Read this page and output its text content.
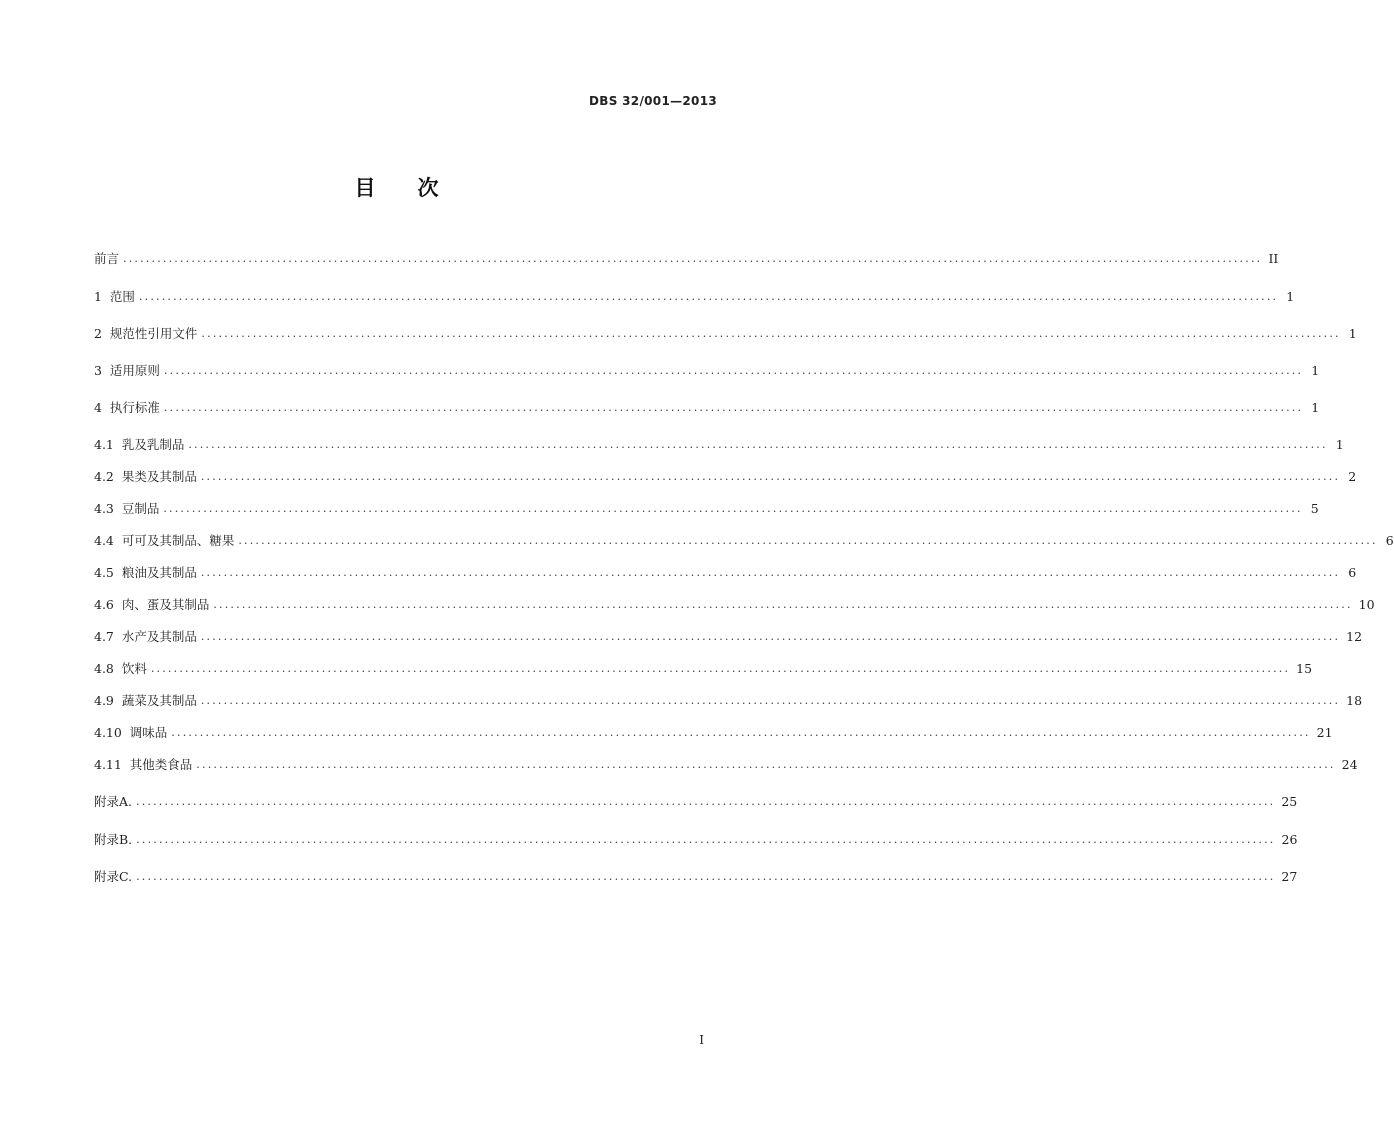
DBS 32/001—2013
目 次
前言 ........................................................................................................................................................................................................ II
1 范围 ........................................................................................................................................................................................................ 1
2 规范性引用文件 ........................................................................................................................................................................................................ 1
3 适用原则 ........................................................................................................................................................................................................ 1
4 执行标准 ........................................................................................................................................................................................................ 1
4.1 乳及乳制品 ........................................................................................................................................................................................................ 1
4.2 果类及其制品 ........................................................................................................................................................................................................ 2
4.3 豆制品 ........................................................................................................................................................................................................ 5
4.4 可可及其制品、糖果 ........................................................................................................................................................................................................ 6
4.5 粮油及其制品 ........................................................................................................................................................................................................ 6
4.6 肉、蛋及其制品 ........................................................................................................................................................................................................ 10
4.7 水产及其制品 ........................................................................................................................................................................................................ 12
4.8 饮料 ........................................................................................................................................................................................................ 15
4.9 蔬菜及其制品 ........................................................................................................................................................................................................ 18
4.10 调味品 ........................................................................................................................................................................................................ 21
4.11 其他类食品 ........................................................................................................................................................................................................ 24
附录A. ........................................................................................................................................................................................................ 25
附录B. ........................................................................................................................................................................................................ 26
附录C. ........................................................................................................................................................................................................ 27
I
